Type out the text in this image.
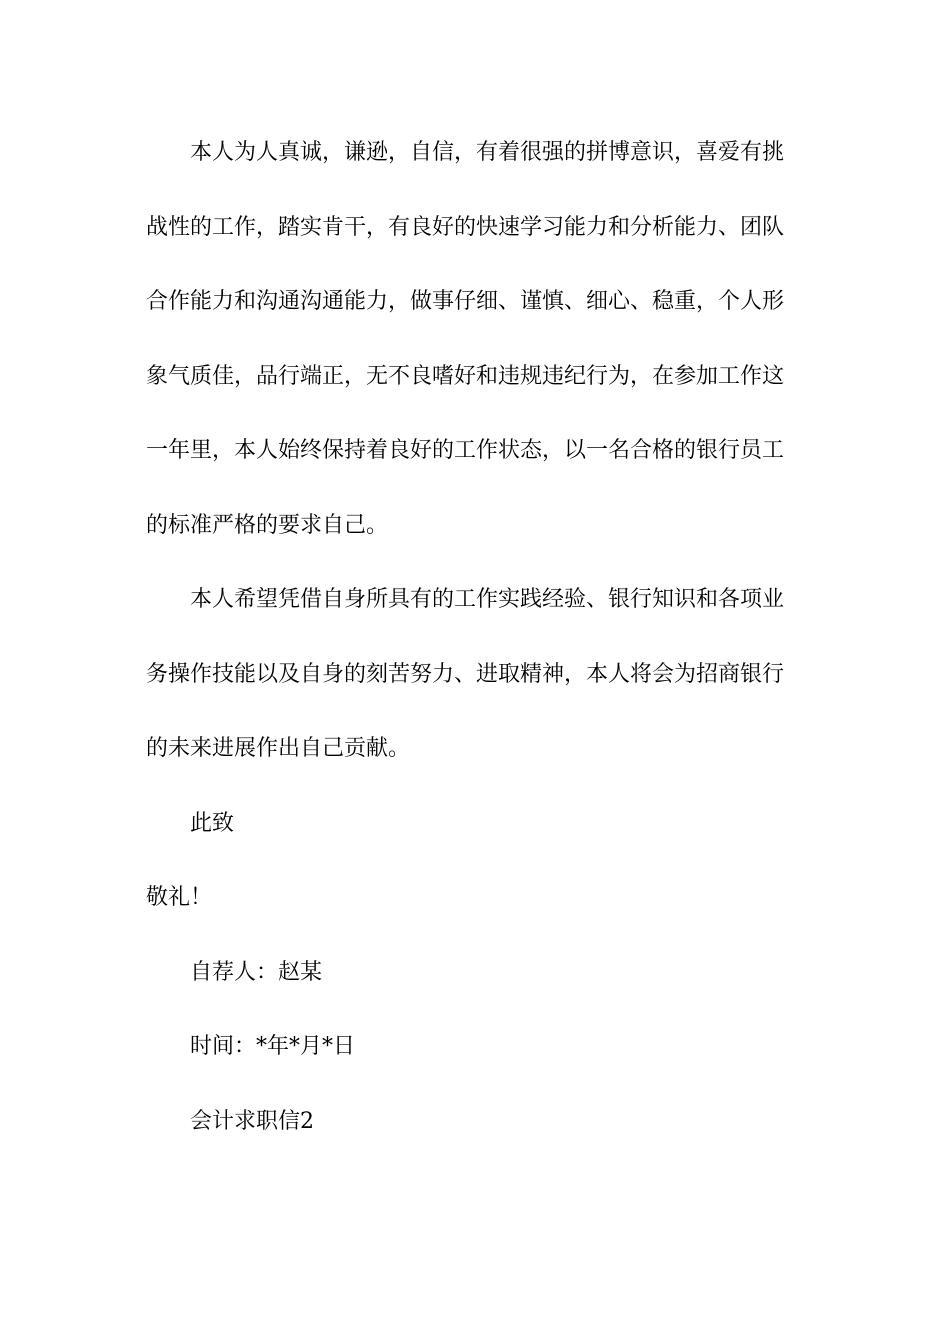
本人为人真诚，谦逊，自信，有着很强的拼博意识，喜爱有挑
战性的工作，踏实肯干，有良好的快速学习能力和分析能力、团队
合作能力和沟通沟通能力，做事仔细、谨慎、细心、稳重，个人形
象气质佳，品行端正，无不良嗜好和违规违纪行为，在参加工作这
一年里，本人始终保持着良好的工作状态，以一名合格的银行员工
的标准严格的要求自己。
本人希望凭借自身所具有的工作实践经验、银行知识和各项业
务操作技能以及自身的刻苦努力、进取精神，本人将会为招商银行
的未来进展作出自己贡献。
此致
敬礼！
自荐人：赵某
时间：*年*月*日
会计求职信2
